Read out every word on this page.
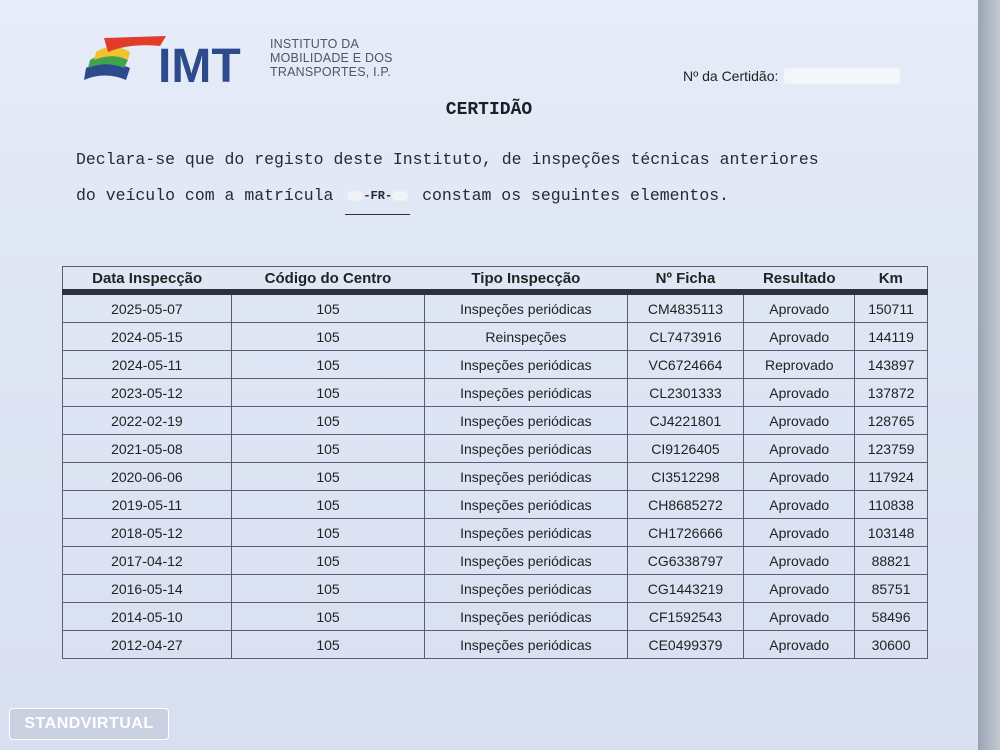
IMT INSTITUTO DA
MOBILIDADE E DOS
TRANSPORTES, I.P.	Nº da Certidão:
CERTIDÃO
Declara-se que do registo deste Instituto, de inspeções técnicas anteriores
do veículo com a matrícula -FR- constam os seguintes elementos.
Data Inspecção	Código do Centro	Tipo Inspecção	Nº Ficha	Resultado	Km
2025-05-07	105	Inspeções periódicas	CM4835113	Aprovado	150711
2024-05-15	105	Reinspeções	CL7473916	Aprovado	144119
2024-05-11	105	Inspeções periódicas	VC6724664	Reprovado	143897
2023-05-12	105	Inspeções periódicas	CL2301333	Aprovado	137872
2022-02-19	105	Inspeções periódicas	CJ4221801	Aprovado	128765
2021-05-08	105	Inspeções periódicas	CI9126405	Aprovado	123759
2020-06-06	105	Inspeções periódicas	CI3512298	Aprovado	117924
2019-05-11	105	Inspeções periódicas	CH8685272	Aprovado	110838
2018-05-12	105	Inspeções periódicas	CH1726666	Aprovado	103148
2017-04-12	105	Inspeções periódicas	CG6338797	Aprovado	88821
2016-05-14	105	Inspeções periódicas	CG1443219	Aprovado	85751
2014-05-10	105	Inspeções periódicas	CF1592543	Aprovado	58496
2012-04-27	105	Inspeções periódicas	CE0499379	Aprovado	30600
STANDVIRTUAL
